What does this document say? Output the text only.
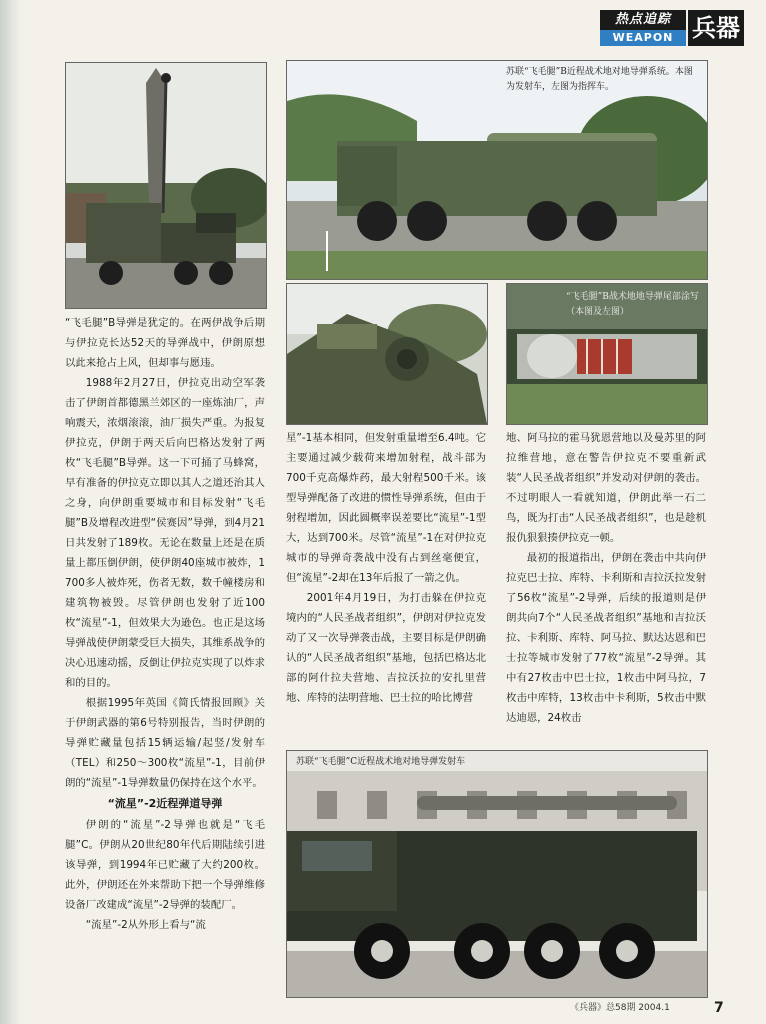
热点追踪
WEAPON 兵器
苏联“飞毛腿”B近程战术地对地导弹系统。本图为发射车，左图为指挥车。
“飞毛腿”B战术地地导弹尾部涂写（本图及左图）

“飞毛腿”B导弹是犹定的。在两伊战争后期与伊拉克长达52天的导弹战中，伊朗原想以此来抢占上风，但却事与愿违。

1988年2月27日，伊拉克出动空军袭击了伊朗首都德黑兰郊区的一座炼油厂，声响震天，浓烟滚滚，油厂损失严重。为报复伊拉克，伊朗于两天后向巴格达发射了两枚“飞毛腿”B导弹。这一下可捅了马蜂窝，早有准备的伊拉克立即以其人之道还治其人之身，向伊朗重要城市和目标发射“飞毛腿”B及增程改进型“侯赛因”导弹，到4月21日共发射了189枚。无论在数量上还是在质量上都压倒伊朗，使伊朗40座城市被炸，1 700多人被炸死，伤者无数，数千幢楼房和建筑物被毁。尽管伊朗也发射了近100枚“流星”-1，但效果大为逊色。也正是这场导弹战使伊朗蒙受巨大损失，其维系战争的决心迅速动摇，反倒让伊拉克实现了以炸求和的目的。

根据1995年英国《简氏情报回顾》关于伊朗武器的第6号特别报告，当时伊朗的导弹贮藏量包括15辆运输/起竖/发射车（TEL）和250～300枚“流星”-1，目前伊朗的“流星”-1导弹数量仍保持在这个水平。

“流星”-2近程弹道导弹

伊朗的“流星”-2导弹也就是“飞毛腿”C。伊朗从20世纪80年代后期陆续引进该导弹，到1994年已贮藏了大约200枚。此外，伊朗还在外来帮助下把一个导弹维修设备厂改建成“流星”-2导弹的装配厂。

“流星”-2从外形上看与“流

星”-1基本相同，但发射重量增至6.4吨。它主要通过减少载荷来增加射程，战斗部为700千克高爆炸药，最大射程500千米。该型导弹配备了改进的惯性导弹系统，但由于射程增加，因此圆概率误差要比“流星”-1型大，达到700米。尽管“流星”-1在对伊拉克城市的导弹奇袭战中没有占到丝毫便宜，但“流星”-2却在13年后报了一箭之仇。

2001年4月19日，为打击躲在伊拉克境内的“人民圣战者组织”，伊朗对伊拉克发动了又一次导弹袭击战，主要目标是伊朗确认的“人民圣战者组织”基地，包括巴格达北部的阿什拉夫营地、吉拉沃拉的安扎里营地、库特的法明营地、巴士拉的哈比博营

地、阿马拉的霍马犹恩营地以及曼苏里的阿拉维营地，意在警告伊拉克不要重新武装“人民圣战者组织”并发动对伊朗的袭击。不过明眼人一看就知道，伊朗此举一石二鸟，既为打击“人民圣战者组织”，也是趁机报仇狠狠揍伊拉克一顿。

最初的报道指出，伊朗在袭击中共向伊拉克巴士拉、库特、卡利斯和吉拉沃拉发射了56枚“流星”-2导弹，后续的报道则是伊朗共向7个“人民圣战者组织”基地和吉拉沃拉、卡利斯、库特、阿马拉、默达达恩和巴士拉等城市发射了77枚“流星”-2导弹。其中有27枚击中巴士拉，1枚击中阿马拉，7枚击中库特，13枚击中卡利斯，5枚击中默达迪恩，24枚击

苏联“飞毛腿”C近程战术地对地导弹发射车
《兵器》总58期 2004.1	7
